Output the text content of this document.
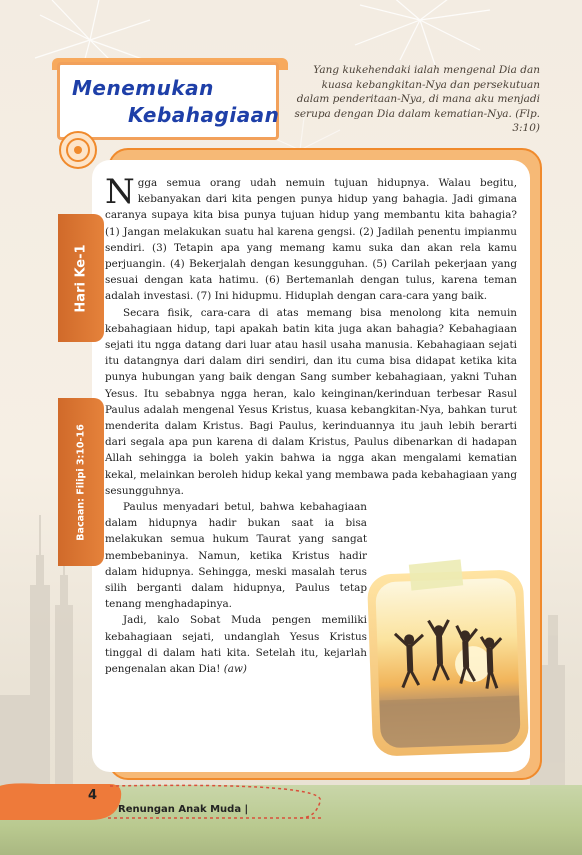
Menemukan
Kebahagiaan
Yang kukehendaki ialah mengenal Dia dan kuasa kebangkitan-Nya dan persekutuan dalam penderitaan-Nya, di mana aku menjadi serupa dengan Dia dalam kematian-Nya. (Flp. 3:10)
Hari Ke-1
Bacaan: Filipi 3:10-16

Ngga semua orang udah nemuin tujuan hidupnya. Walau begitu, kebanyakan dari kita pengen punya hidup yang bahagia. Jadi gimana caranya supaya kita bisa punya tujuan hidup yang membantu kita bahagia? (1) Jangan melakukan suatu hal karena gengsi. (2) Jadilah penentu impianmu sendiri. (3) Tetapin apa yang memang kamu suka dan akan rela kamu perjuangin. (4) Bekerjalah dengan kesungguhan. (5) Carilah pekerjaan yang sesuai dengan kata hatimu. (6) Bertemanlah dengan tulus, karena teman adalah investasi. (7) Ini hidupmu. Hiduplah dengan cara-cara yang baik.

Secara fisik, cara-cara di atas memang bisa menolong kita nemuin kebahagiaan hidup, tapi apakah batin kita juga akan bahagia? Kebahagiaan sejati itu ngga datang dari luar atau hasil usaha manusia. Kebahagiaan sejati itu datangnya dari dalam diri sendiri, dan itu cuma bisa didapat ketika kita punya hubungan yang baik dengan Sang sumber kebahagiaan, yakni Tuhan Yesus. Itu sebabnya ngga heran, kalo keinginan/kerinduan terbesar Rasul Paulus adalah mengenal Yesus Kristus, kuasa kebangkitan-Nya, bahkan turut menderita dalam Kristus. Bagi Paulus, kerinduannya itu jauh lebih berarti dari segala apa pun karena di dalam Kristus, Paulus dibenarkan di hadapan Allah sehingga ia boleh yakin bahwa ia ngga akan mengalami kematian kekal, melainkan beroleh hidup kekal yang membawa pada kebahagiaan yang sesungguhnya.

Paulus menyadari betul, bahwa kebahagiaan dalam hidupnya hadir bukan saat ia bisa melakukan semua hukum Taurat yang sangat membebaninya. Namun, ketika Kristus hadir dalam hidupnya. Sehingga, meski masalah terus silih berganti dalam hidupnya, Paulus tetap tenang menghadapinya.

Jadi, kalo Sobat Muda pengen memiliki kebahagiaan sejati, undanglah Yesus Kristus tinggal di dalam hati kita. Setelah itu, kejarlah pengenalan akan Dia! (aw)

4
Renungan Anak Muda |
